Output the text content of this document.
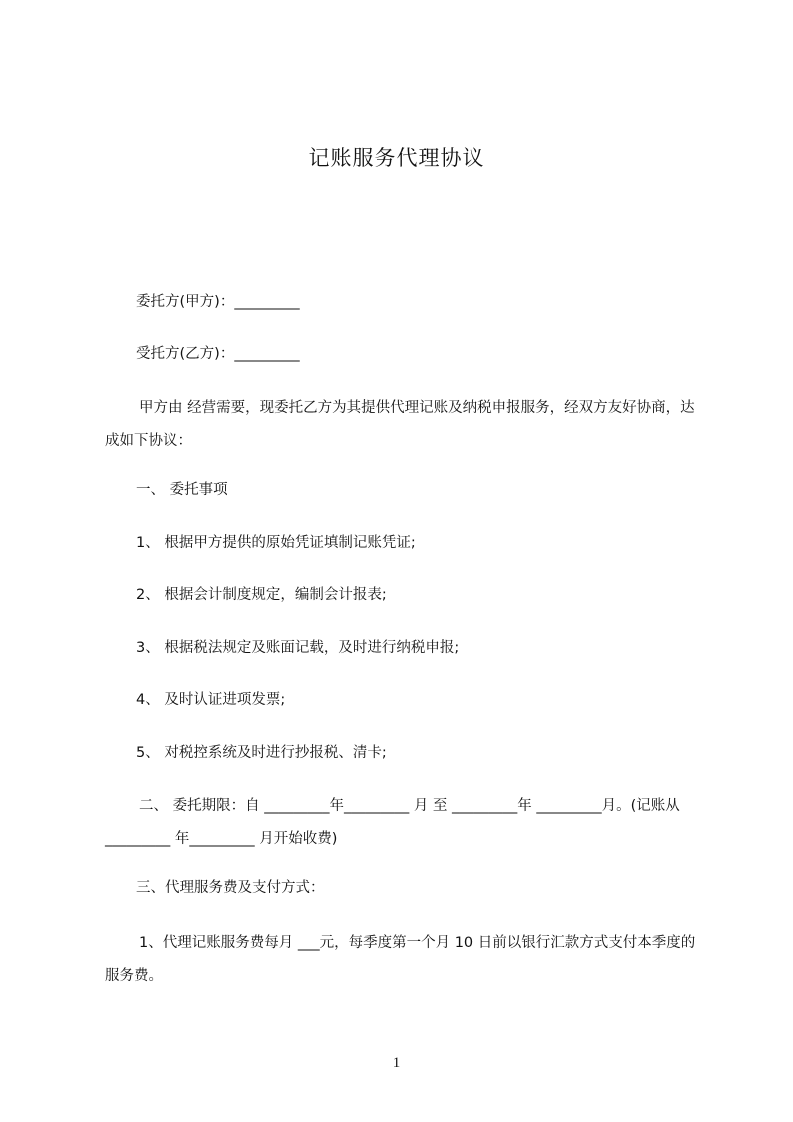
记账服务代理协议
委托方(甲方)：_________
受托方(乙方)：_________
甲方由 经营需要，现委托乙方为其提供代理记账及纳税申报服务，经双方友好协商，达成如下协议：
一、 委托事项
1、 根据甲方提供的原始凭证填制记账凭证;
2、 根据会计制度规定，编制会计报表;
3、 根据税法规定及账面记载，及时进行纳税申报;
4、 及时认证进项发票;
5、 对税控系统及时进行抄报税、清卡;
二、 委托期限：自 _________年_________ 月 至 _________年 _________月。(记账从_________ 年_________ 月开始收费)
三、代理服务费及支付方式：
1、代理记账服务费每月 ___元，每季度第一个月 10 日前以银行汇款方式支付本季度的服务费。
1
